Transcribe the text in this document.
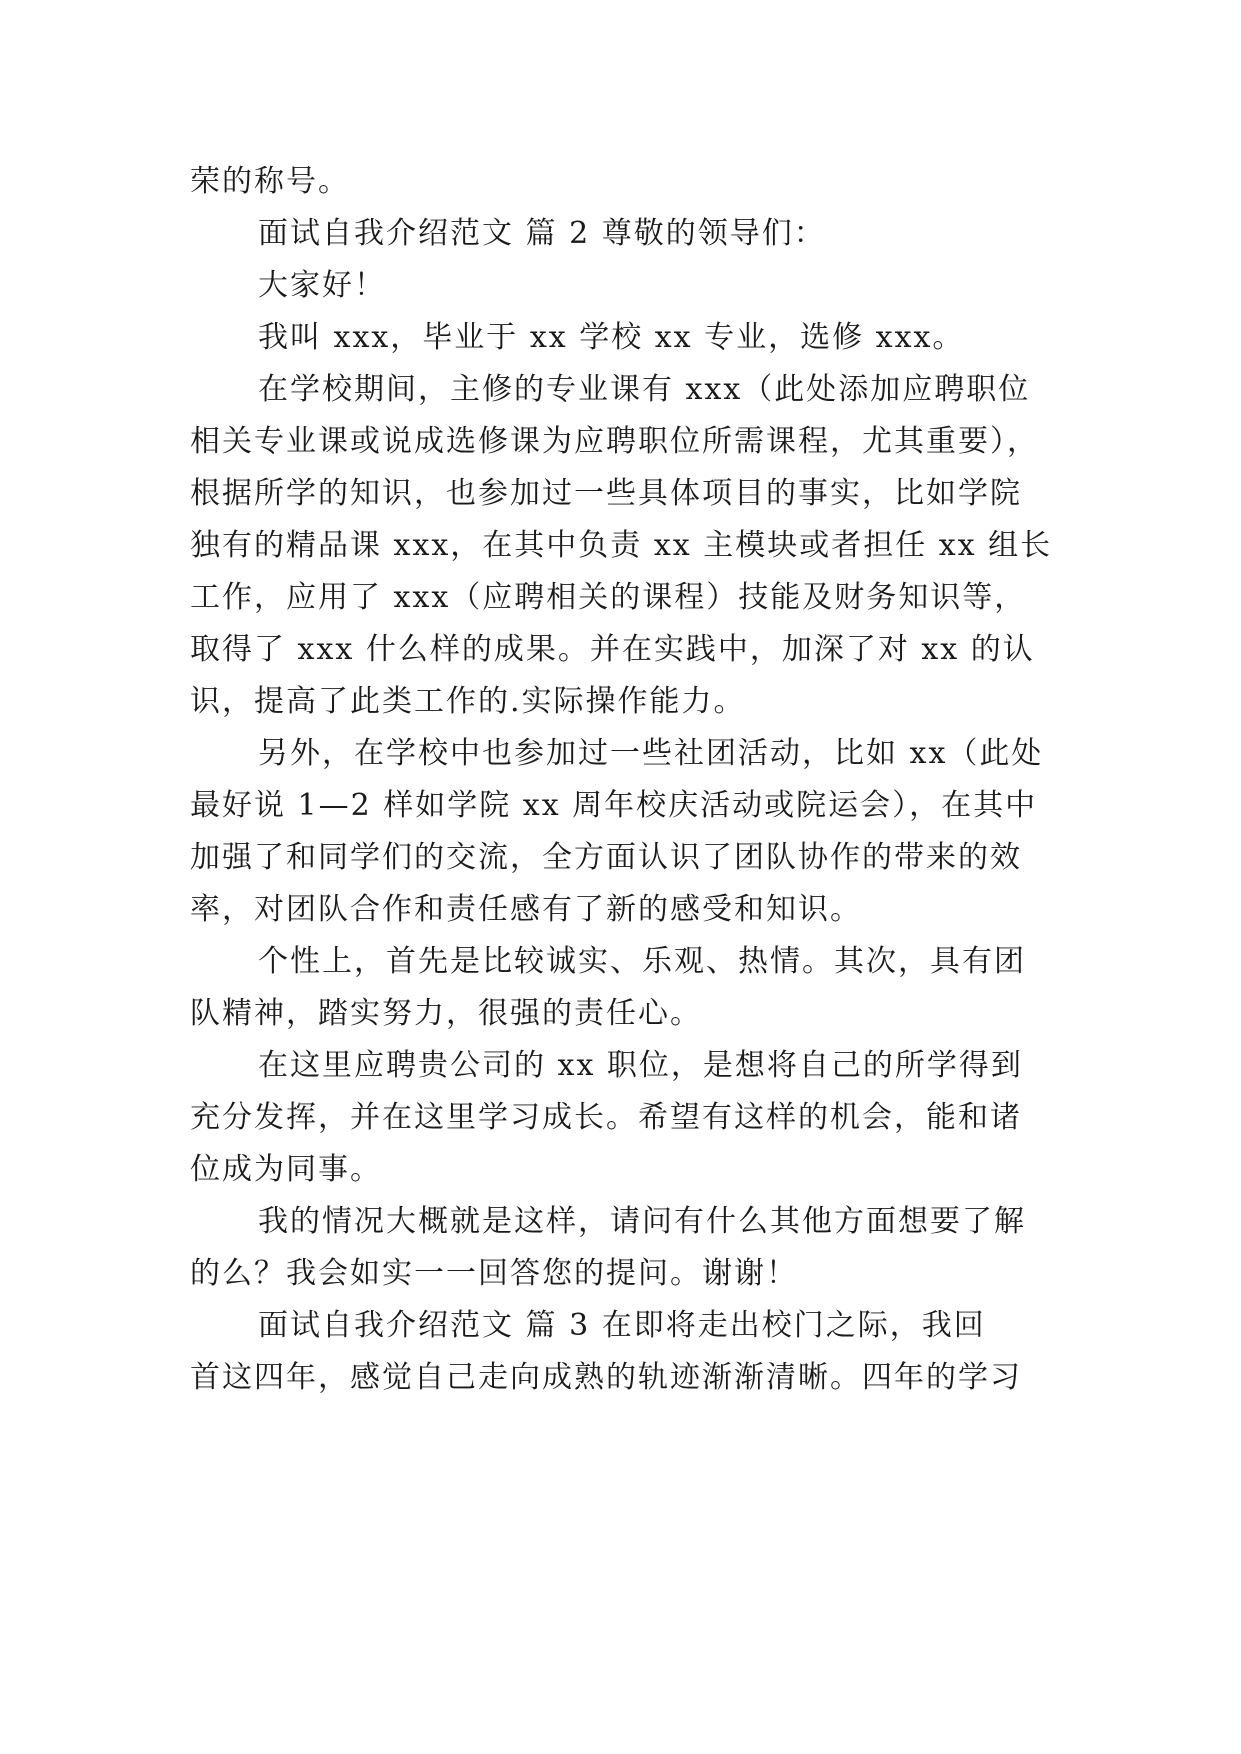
荣的称号。
面试自我介绍范文 篇 2 尊敬的领导们：
大家好！
我叫 xxx，毕业于 xx 学校 xx 专业，选修 xxx。
在学校期间，主修的专业课有 xxx（此处添加应聘职位
相关专业课或说成选修课为应聘职位所需课程，尤其重要），
根据所学的知识，也参加过一些具体项目的事实，比如学院
独有的精品课 xxx，在其中负责 xx 主模块或者担任 xx 组长
工作，应用了 xxx（应聘相关的课程）技能及财务知识等，
取得了 xxx 什么样的成果。并在实践中，加深了对 xx 的认
识，提高了此类工作的.实际操作能力。
另外，在学校中也参加过一些社团活动，比如 xx（此处
最好说 1—2 样如学院 xx 周年校庆活动或院运会），在其中
加强了和同学们的交流，全方面认识了团队协作的带来的效
率，对团队合作和责任感有了新的感受和知识。
个性上，首先是比较诚实、乐观、热情。其次，具有团
队精神，踏实努力，很强的责任心。
在这里应聘贵公司的 xx 职位，是想将自己的所学得到
充分发挥，并在这里学习成长。希望有这样的机会，能和诸
位成为同事。
我的情况大概就是这样，请问有什么其他方面想要了解
的么？我会如实一一回答您的提问。谢谢！
面试自我介绍范文 篇 3 在即将走出校门之际，我回
首这四年，感觉自己走向成熟的轨迹渐渐清晰。四年的学习
